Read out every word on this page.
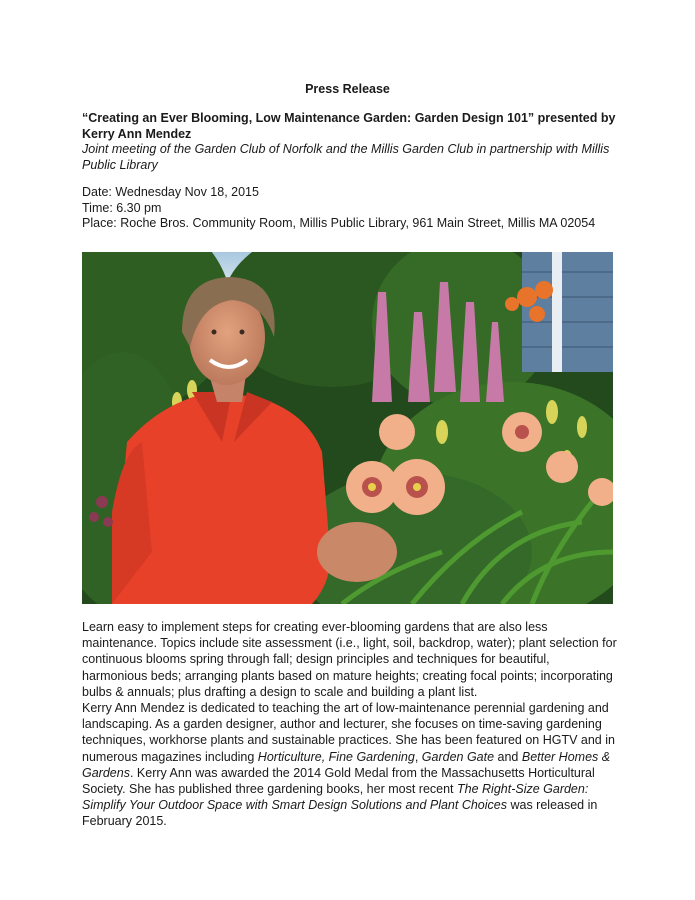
Press Release
“Creating an Ever Blooming, Low Maintenance Garden: Garden Design 101” presented by Kerry Ann Mendez
Joint meeting of the Garden Club of Norfolk and the Millis Garden Club in partnership with Millis Public Library
Date: Wednesday Nov 18, 2015
Time: 6.30 pm
Place: Roche Bros. Community Room, Millis Public Library, 961 Main Street, Millis MA 02054

Learn easy to implement steps for creating ever-blooming gardens that are also less maintenance. Topics include site assessment (i.e., light, soil, backdrop, water); plant selection for continuous blooms spring through fall; design principles and techniques for beautiful, harmonious beds; arranging plants based on mature heights; creating focal points; incorporating bulbs & annuals; plus drafting a design to scale and building a plant list.

Kerry Ann Mendez is dedicated to teaching the art of low-maintenance perennial gardening and landscaping. As a garden designer, author and lecturer, she focuses on time-saving gardening techniques, workhorse plants and sustainable practices. She has been featured on HGTV and in numerous magazines including Horticulture, Fine Gardening, Garden Gate and Better Homes & Gardens. Kerry Ann was awarded the 2014 Gold Medal from the Massachusetts Horticultural Society. She has published three gardening books, her most recent The Right-Size Garden: Simplify Your Outdoor Space with Smart Design Solutions and Plant Choices was released in February 2015.
